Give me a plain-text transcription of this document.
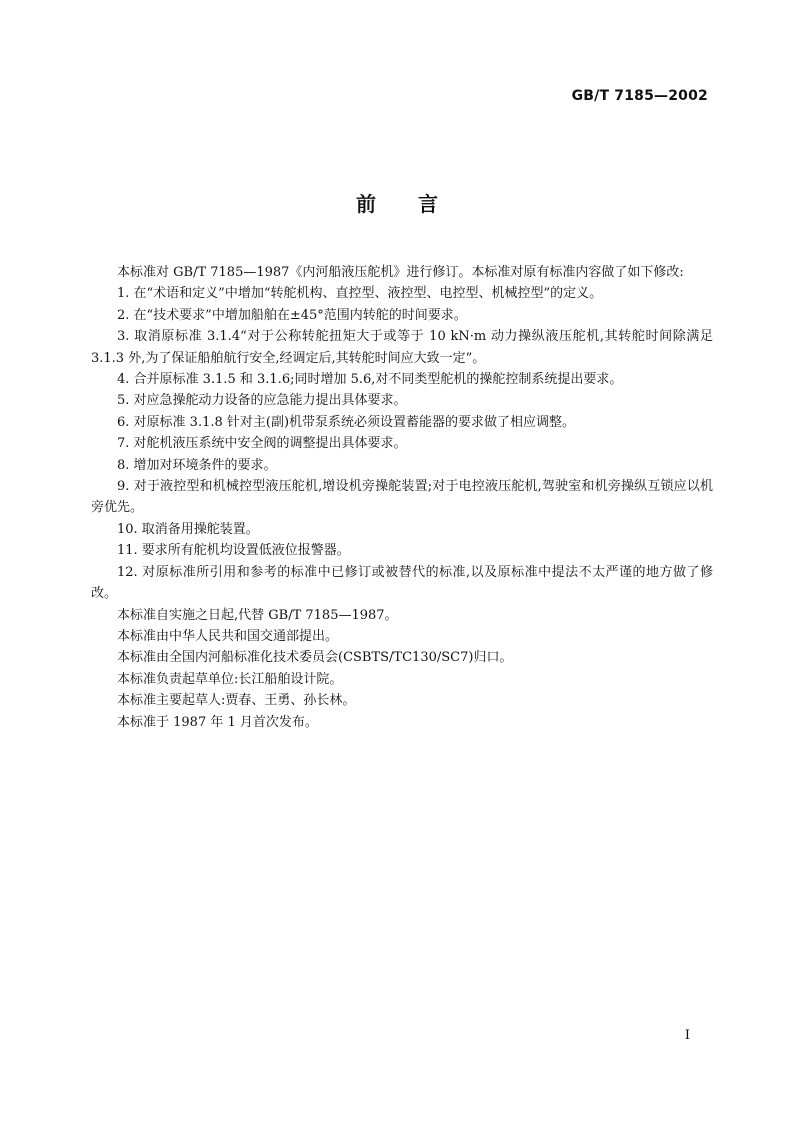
GB/T 7185—2002
前言

本标准对 GB/T 7185—1987《内河船液压舵机》进行修订。本标准对原有标准内容做了如下修改:

1. 在“术语和定义”中增加“转舵机构、直控型、液控型、电控型、机械控型”的定义。

2. 在“技术要求”中增加船舶在±45°范围内转舵的时间要求。

3. 取消原标准 3.1.4“对于公称转舵扭矩大于或等于 10 kN·m 动力操纵液压舵机,其转舵时间除满足 3.1.3 外,为了保证船舶航行安全,经调定后,其转舵时间应大致一定”。

4. 合并原标准 3.1.5 和 3.1.6;同时增加 5.6,对不同类型舵机的操舵控制系统提出要求。

5. 对应急操舵动力设备的应急能力提出具体要求。

6. 对原标准 3.1.8 针对主(副)机带泵系统必须设置蓄能器的要求做了相应调整。

7. 对舵机液压系统中安全阀的调整提出具体要求。

8. 增加对环境条件的要求。

9. 对于液控型和机械控型液压舵机,增设机旁操舵装置;对于电控液压舵机,驾驶室和机旁操纵互锁应以机旁优先。

10. 取消备用操舵装置。

11. 要求所有舵机均设置低液位报警器。

12. 对原标准所引用和参考的标准中已修订或被替代的标准,以及原标准中提法不太严谨的地方做了修改。

本标准自实施之日起,代替 GB/T 7185—1987。

本标准由中华人民共和国交通部提出。

本标准由全国内河船标准化技术委员会(CSBTS/TC130/SC7)归口。

本标准负责起草单位:长江船舶设计院。

本标准主要起草人:贾春、王勇、孙长林。

本标准于 1987 年 1 月首次发布。

I
